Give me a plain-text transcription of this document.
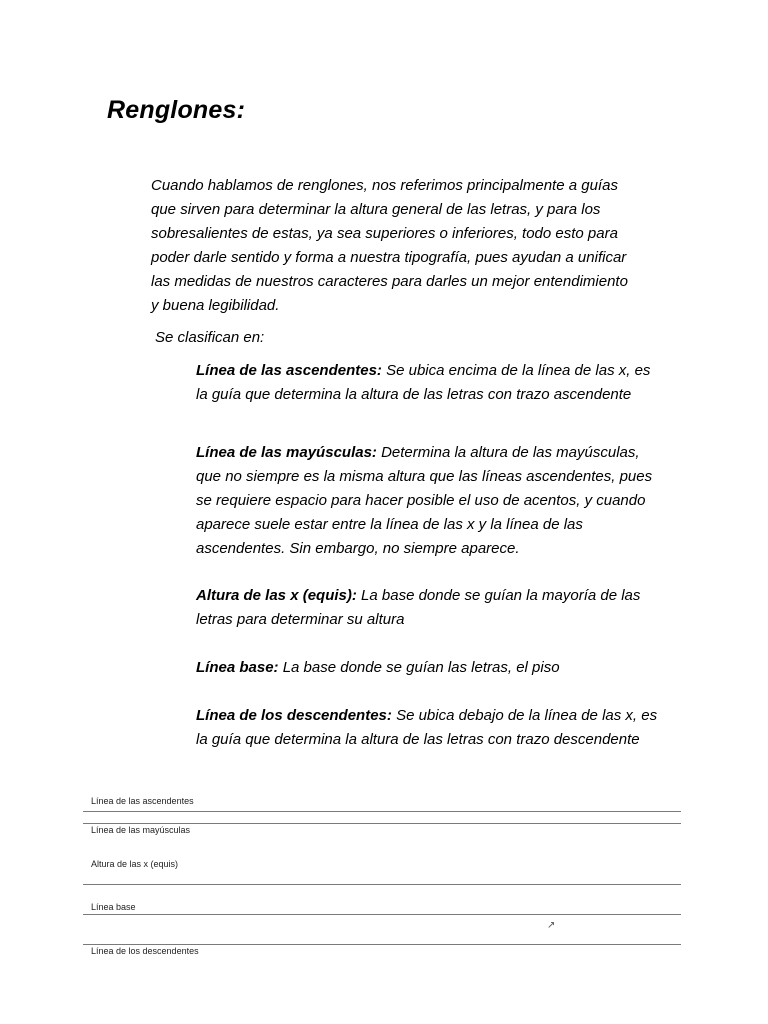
Renglones:

Cuando hablamos de renglones, nos referimos principalmente a guías que sirven para determinar la altura general de las letras, y para los sobresalientes de estas, ya sea superiores o inferiores, todo esto para poder darle sentido y forma a nuestra tipografía, pues ayudan a unificar las medidas de nuestros caracteres para darles un mejor entendimiento y buena legibilidad.

Se clasifican en:

Línea de las ascendentes: Se ubica encima de la línea de las x, es la guía que determina la altura de las letras con trazo ascendente

Línea de las mayúsculas: Determina la altura de las mayúsculas, que no siempre es la misma altura que las líneas ascendentes, pues se requiere espacio para hacer posible el uso de acentos, y cuando aparece suele estar entre la línea de las x y la línea de las ascendentes. Sin embargo, no siempre aparece.

Altura de las x (equis): La base donde se guían la mayoría de las letras para determinar su altura

Línea base: La base donde se guían las letras, el piso

Línea de los descendentes: Se ubica debajo de la línea de las x, es la guía que determina la altura de las letras con trazo descendente

Línea de las ascendentes
Línea de las mayúsculas
Altura de las x (equis)
Línea base
Línea de los descendentes
↗
